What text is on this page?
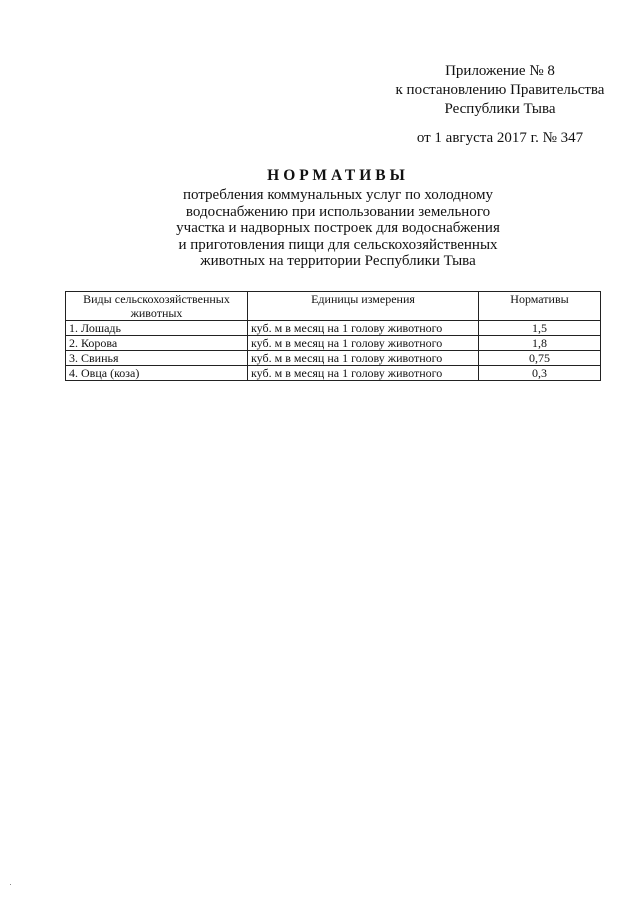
Приложение № 8
к постановлению Правительства
Республики Тыва
от 1 августа 2017 г. № 347
НОРМАТИВЫ
потребления коммунальных услуг по холодному
водоснабжению при использовании земельного
участка и надворных построек для водоснабжения
и приготовления пищи для сельскохозяйственных
животных на территории Республики Тыва
Виды сельскохозяйственных животных	Единицы измерения	Нормативы
1. Лошадь	куб. м в месяц на 1 голову животного	1,5
2. Корова	куб. м в месяц на 1 голову животного	1,8
3. Свинья	куб. м в месяц на 1 голову животного	0,75
4. Овца (коза)	куб. м в месяц на 1 голову животного	0,3
